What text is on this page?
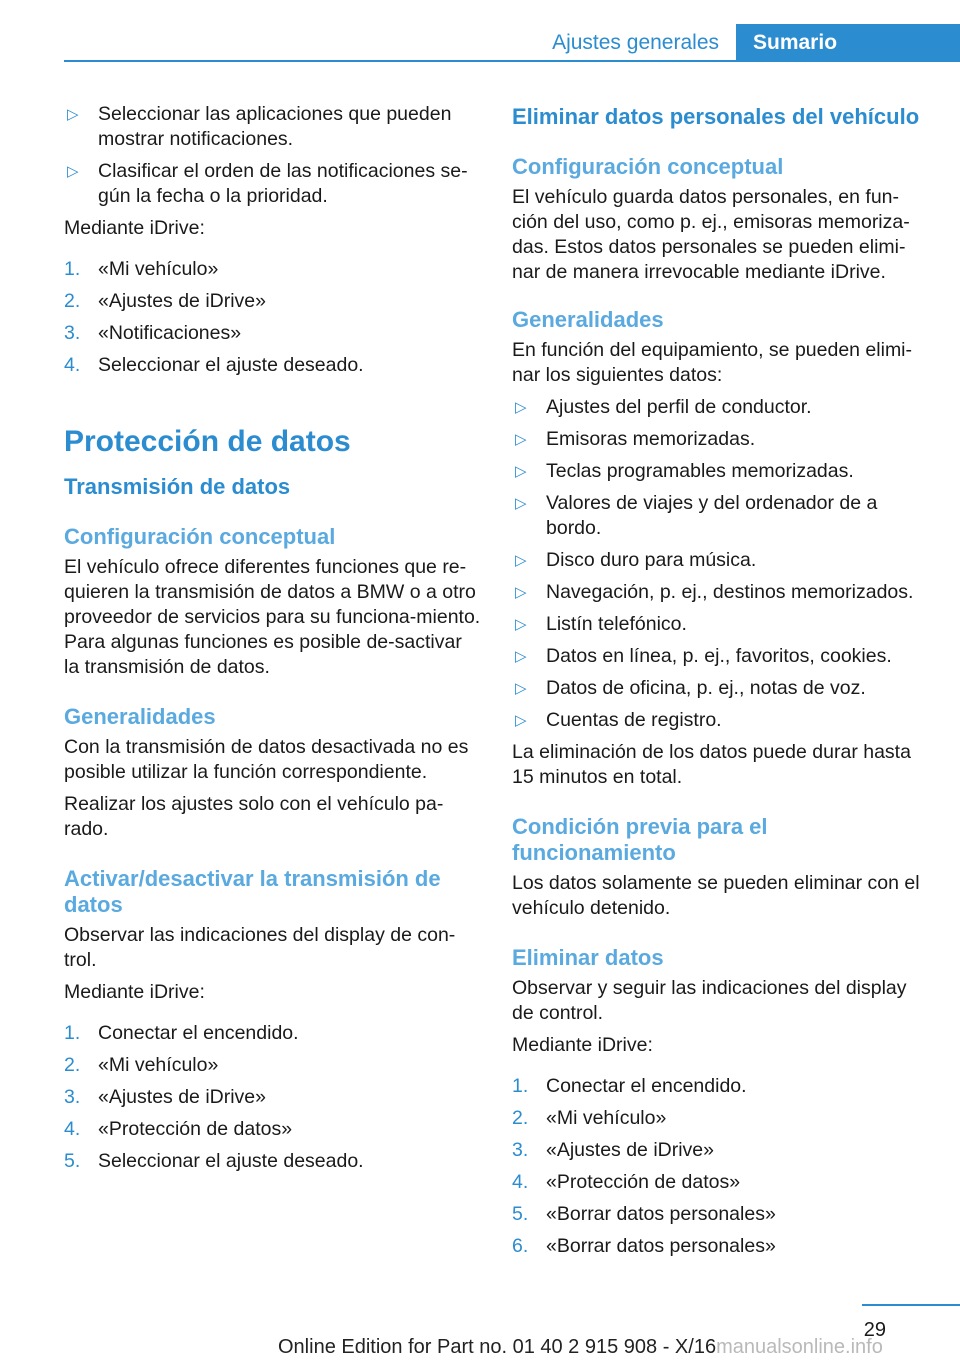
Ajustes generales	Sumario

▷ Seleccionar las aplicaciones que pueden mostrar notificaciones.

▷ Clasificar el orden de las notificaciones se‐gún la fecha o la prioridad.

Mediante iDrive:

1. «Mi vehículo»

2. «Ajustes de iDrive»

3. «Notificaciones»

4. Seleccionar el ajuste deseado.

Protección de datos
Transmisión de datos
Configuración conceptual

El vehículo ofrece diferentes funciones que re‐quieren la transmisión de datos a BMW o a otro proveedor de servicios para su funciona‐miento. Para algunas funciones es posible de‐sactivar la transmisión de datos.

Generalidades

Con la transmisión de datos desactivada no es posible utilizar la función correspondiente.

Realizar los ajustes solo con el vehículo pa‐rado.

Activar/desactivar la transmisión de datos

Observar las indicaciones del display de con‐trol.

Mediante iDrive:

1. Conectar el encendido.

2. «Mi vehículo»

3. «Ajustes de iDrive»

4. «Protección de datos»

5. Seleccionar el ajuste deseado.

Eliminar datos personales del vehículo
Configuración conceptual

El vehículo guarda datos personales, en fun‐ción del uso, como p. ej., emisoras memoriza‐das. Estos datos personales se pueden elimi‐nar de manera irrevocable mediante iDrive.

Generalidades

En función del equipamiento, se pueden elimi‐nar los siguientes datos:

▷ Ajustes del perfil de conductor.

▷ Emisoras memorizadas.

▷ Teclas programables memorizadas.

▷ Valores de viajes y del ordenador de a bordo.

▷ Disco duro para música.

▷ Navegación, p. ej., destinos memorizados.

▷ Listín telefónico.

▷ Datos en línea, p. ej., favoritos, cookies.

▷ Datos de oficina, p. ej., notas de voz.

▷ Cuentas de registro.

La eliminación de los datos puede durar hasta 15 minutos en total.

Condición previa para el funcionamiento

Los datos solamente se pueden eliminar con el vehículo detenido.

Eliminar datos

Observar y seguir las indicaciones del display de control.

Mediante iDrive:

1. Conectar el encendido.

2. «Mi vehículo»

3. «Ajustes de iDrive»

4. «Protección de datos»

5. «Borrar datos personales»

6. «Borrar datos personales»

29
Online Edition for Part no. 01 40 2 915 908 - X/16manualsonline.info
